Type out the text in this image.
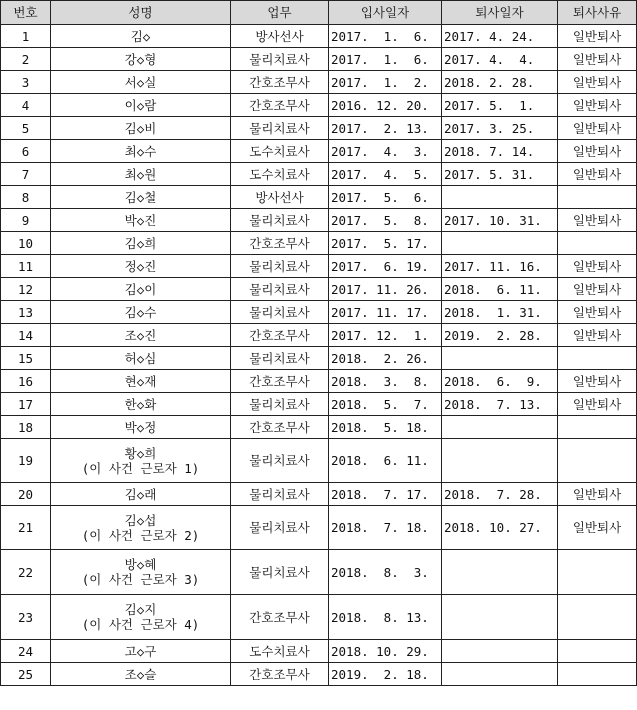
번호	성명	업무	입사일자	퇴사일자	퇴사사유
1	김◇	방사선사	2017.  1.  6.	2017. 4. 24.	일반퇴사
2	강◇형	물리치료사	2017.  1.  6.	2017. 4.  4.	일반퇴사
3	서◇실	간호조무사	2017.  1.  2.	2018. 2. 28.	일반퇴사
4	이◇람	간호조무사	2016. 12. 20.	2017. 5.  1.	일반퇴사
5	김◇비	물리치료사	2017.  2. 13.	2017. 3. 25.	일반퇴사
6	최◇수	도수치료사	2017.  4.  3.	2018. 7. 14.	일반퇴사
7	최◇원	도수치료사	2017.  4.  5.	2017. 5. 31.	일반퇴사
8	김◇철	방사선사	2017.  5.  6.		
9	박◇진	물리치료사	2017.  5.  8.	2017. 10. 31.	일반퇴사
10	김◇희	간호조무사	2017.  5. 17.		
11	정◇진	물리치료사	2017.  6. 19.	2017. 11. 16.	일반퇴사
12	김◇이	물리치료사	2017. 11. 26.	2018.  6. 11.	일반퇴사
13	김◇수	물리치료사	2017. 11. 17.	2018.  1. 31.	일반퇴사
14	조◇진	간호조무사	2017. 12.  1.	2019.  2. 28.	일반퇴사
15	허◇심	물리치료사	2018.  2. 26.		
16	현◇재	간호조무사	2018.  3.  8.	2018.  6.  9.	일반퇴사
17	한◇화	물리치료사	2018.  5.  7.	2018.  7. 13.	일반퇴사
18	박◇정	간호조무사	2018.  5. 18.		
19	황◇희
(이 사건 근로자 1)	물리치료사	2018.  6. 11.		
20	김◇래	물리치료사	2018.  7. 17.	2018.  7. 28.	일반퇴사
21	김◇섭
(이 사건 근로자 2)	물리치료사	2018.  7. 18.	2018. 10. 27.	일반퇴사
22	방◇혜
(이 사건 근로자 3)	물리치료사	2018.  8.  3.		
23	김◇지
(이 사건 근로자 4)	간호조무사	2018.  8. 13.		
24	고◇구	도수치료사	2018. 10. 29.		
25	조◇슬	간호조무사	2019.  2. 18.		
